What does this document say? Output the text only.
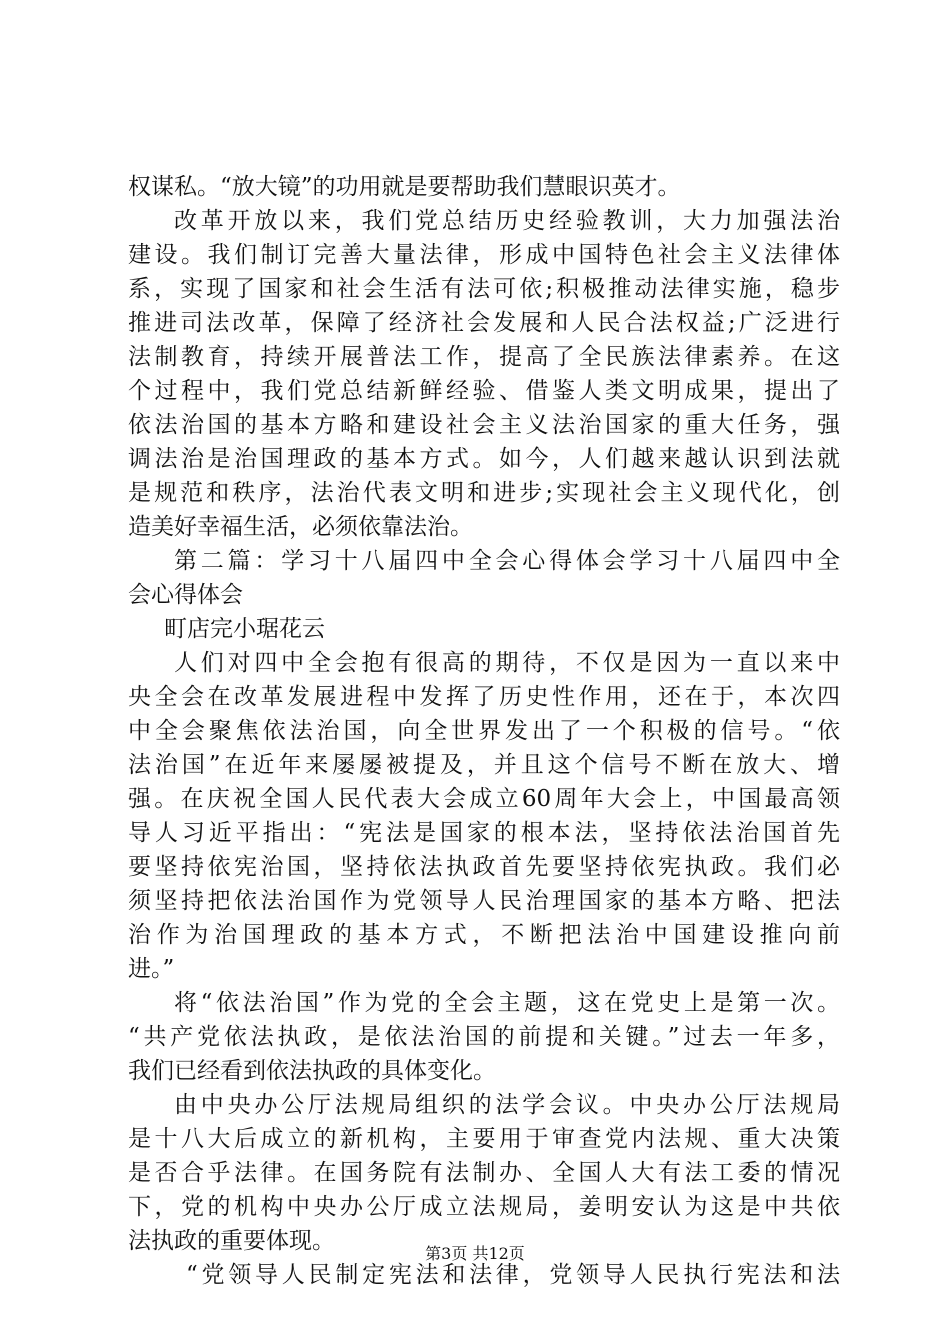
权谋私。“放大镜”的功用就是要帮助我们慧眼识英才。
改革开放以来，我们党总结历史经验教训，大力加强法治
建设。我们制订完善大量法律，形成中国特色社会主义法律体
系，实现了国家和社会生活有法可依;积极推动法律实施，稳步
推进司法改革，保障了经济社会发展和人民合法权益;广泛进行
法制教育，持续开展普法工作，提高了全民族法律素养。在这
个过程中，我们党总结新鲜经验、借鉴人类文明成果，提出了
依法治国的基本方略和建设社会主义法治国家的重大任务，强
调法治是治国理政的基本方式。如今，人们越来越认识到法就
是规范和秩序，法治代表文明和进步;实现社会主义现代化，创
造美好幸福生活，必须依靠法治。
第二篇：学习十八届四中全会心得体会学习十八届四中全
会心得体会
町店完小琚花云
人们对四中全会抱有很高的期待，不仅是因为一直以来中
央全会在改革发展进程中发挥了历史性作用，还在于，本次四
中全会聚焦依法治国，向全世界发出了一个积极的信号。“依
法治国”在近年来屡屡被提及，并且这个信号不断在放大、增
强。在庆祝全国人民代表大会成立60周年大会上，中国最高领
导人习近平指出：“宪法是国家的根本法，坚持依法治国首先
要坚持依宪治国，坚持依法执政首先要坚持依宪执政。我们必
须坚持把依法治国作为党领导人民治理国家的基本方略、把法
治作为治国理政的基本方式，不断把法治中国建设推向前
进。”
将“依法治国”作为党的全会主题，这在党史上是第一次。
“共产党依法执政，是依法治国的前提和关键。”过去一年多，
我们已经看到依法执政的具体变化。
由中央办公厅法规局组织的法学会议。中央办公厅法规局
是十八大后成立的新机构，主要用于审查党内法规、重大决策
是否合乎法律。在国务院有法制办、全国人大有法工委的情况
下，党的机构中央办公厅成立法规局，姜明安认为这是中共依
法执政的重要体现。
“党领导人民制定宪法和法律，党领导人民执行宪法和法
第3页 共12页
